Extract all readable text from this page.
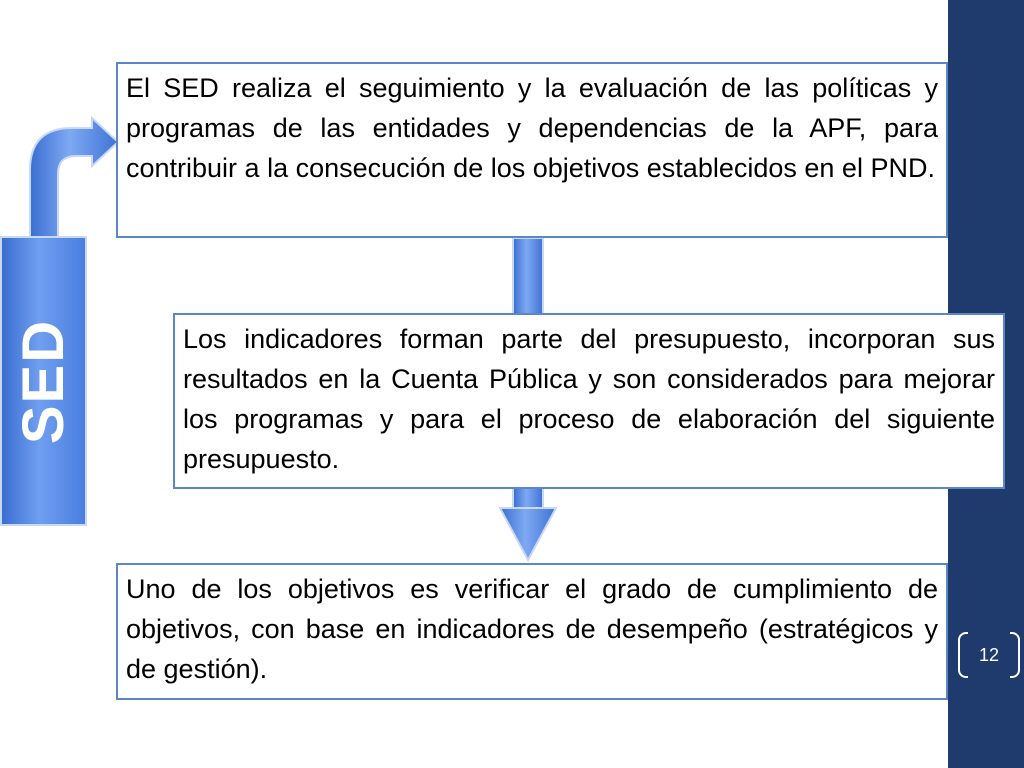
SED
El SED realiza el seguimiento y la evaluación de las políticas y programas de las entidades y dependencias de la APF, para contribuir a la consecución de los objetivos establecidos en el PND.
Los indicadores forman parte del presupuesto, incorporan sus resultados en la Cuenta Pública y son considerados para mejorar los programas y para el proceso de elaboración del siguiente presupuesto.
Uno de los objetivos es verificar el grado de cumplimiento de objetivos, con base en indicadores de desempeño (estratégicos y de gestión).	12
